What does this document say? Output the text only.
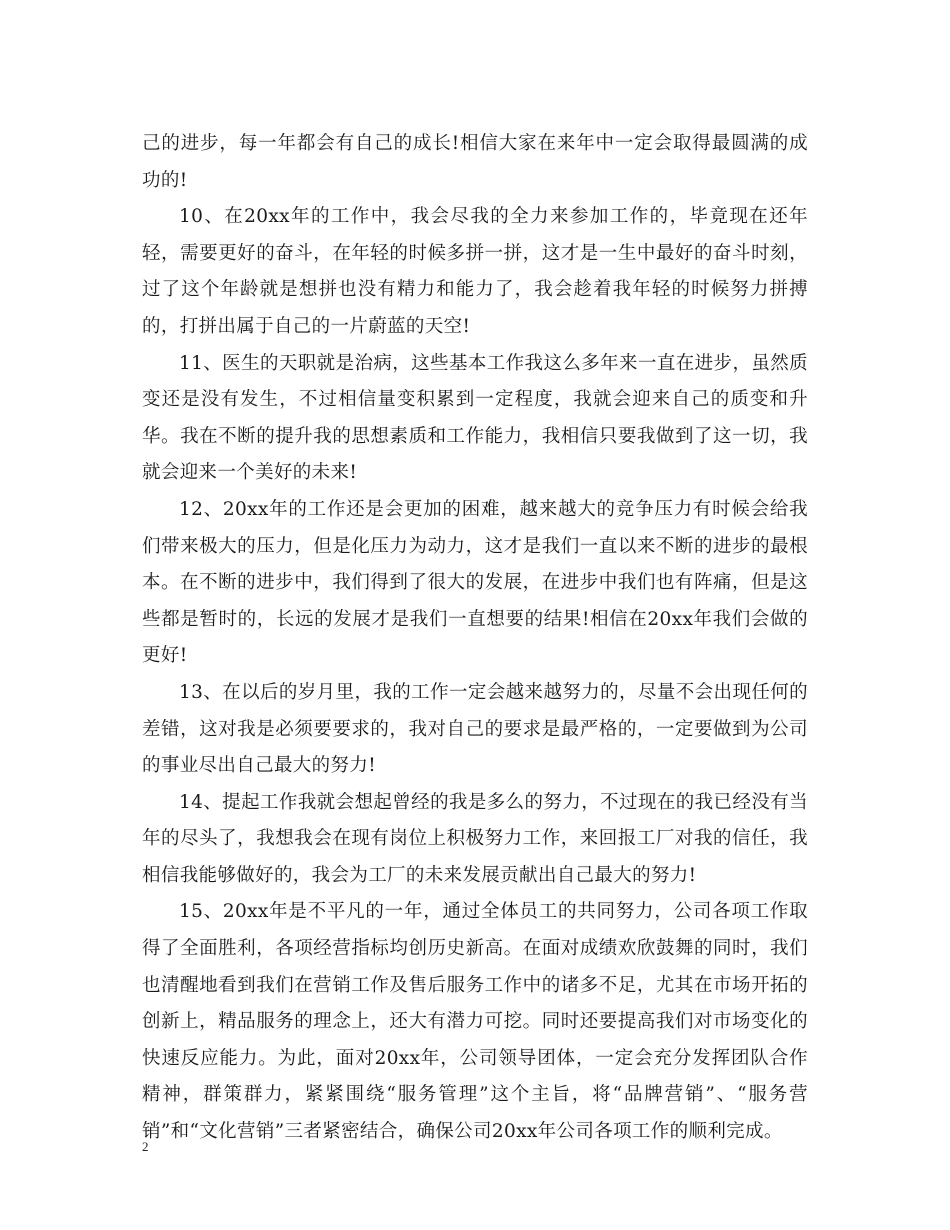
己的进步，每一年都会有自己的成长!相信大家在来年中一定会取得最圆满的成功的!

10、在20xx年的工作中，我会尽我的全力来参加工作的，毕竟现在还年轻，需要更好的奋斗，在年轻的时候多拼一拼，这才是一生中最好的奋斗时刻，过了这个年龄就是想拼也没有精力和能力了，我会趁着我年轻的时候努力拼搏的，打拼出属于自己的一片蔚蓝的天空!

11、医生的天职就是治病，这些基本工作我这么多年来一直在进步，虽然质变还是没有发生，不过相信量变积累到一定程度，我就会迎来自己的质变和升华。我在不断的提升我的思想素质和工作能力，我相信只要我做到了这一切，我就会迎来一个美好的未来!

12、20xx年的工作还是会更加的困难，越来越大的竞争压力有时候会给我们带来极大的压力，但是化压力为动力，这才是我们一直以来不断的进步的最根本。在不断的进步中，我们得到了很大的发展，在进步中我们也有阵痛，但是这些都是暂时的，长远的发展才是我们一直想要的结果!相信在20xx年我们会做的更好!

13、在以后的岁月里，我的工作一定会越来越努力的，尽量不会出现任何的差错，这对我是必须要要求的，我对自己的要求是最严格的，一定要做到为公司的事业尽出自己最大的努力!

14、提起工作我就会想起曾经的我是多么的努力，不过现在的我已经没有当年的尽头了，我想我会在现有岗位上积极努力工作，来回报工厂对我的信任，我相信我能够做好的，我会为工厂的未来发展贡献出自己最大的努力!

15、20xx年是不平凡的一年，通过全体员工的共同努力，公司各项工作取得了全面胜利，各项经营指标均创历史新高。在面对成绩欢欣鼓舞的同时，我们也清醒地看到我们在营销工作及售后服务工作中的诸多不足，尤其在市场开拓的创新上，精品服务的理念上，还大有潜力可挖。同时还要提高我们对市场变化的快速反应能力。为此，面对20xx年，公司领导团体，一定会充分发挥团队合作精神，群策群力，紧紧围绕“服务管理”这个主旨，将“品牌营销”、“服务营销”和“文化营销”三者紧密结合，确保公司20xx年公司各项工作的顺利完成。

2
